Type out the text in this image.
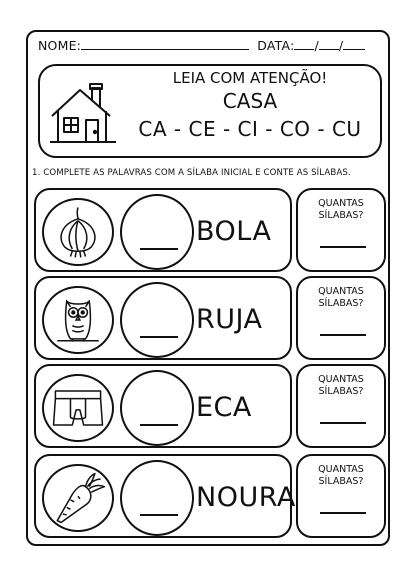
NOME:	DATA: / /
LEIA COM ATENÇÃO!
CASA
CA - CE - CI - CO - CU
1. COMPLETE AS PALAVRAS COM A SÍLABA INICIAL E CONTE AS SÍLABAS.
BOLA
QUANTAS
SÍLABAS?
RUJA
QUANTAS
SÍLABAS?
ECA
QUANTAS
SÍLABAS?
NOURA
QUANTAS
SÍLABAS?
